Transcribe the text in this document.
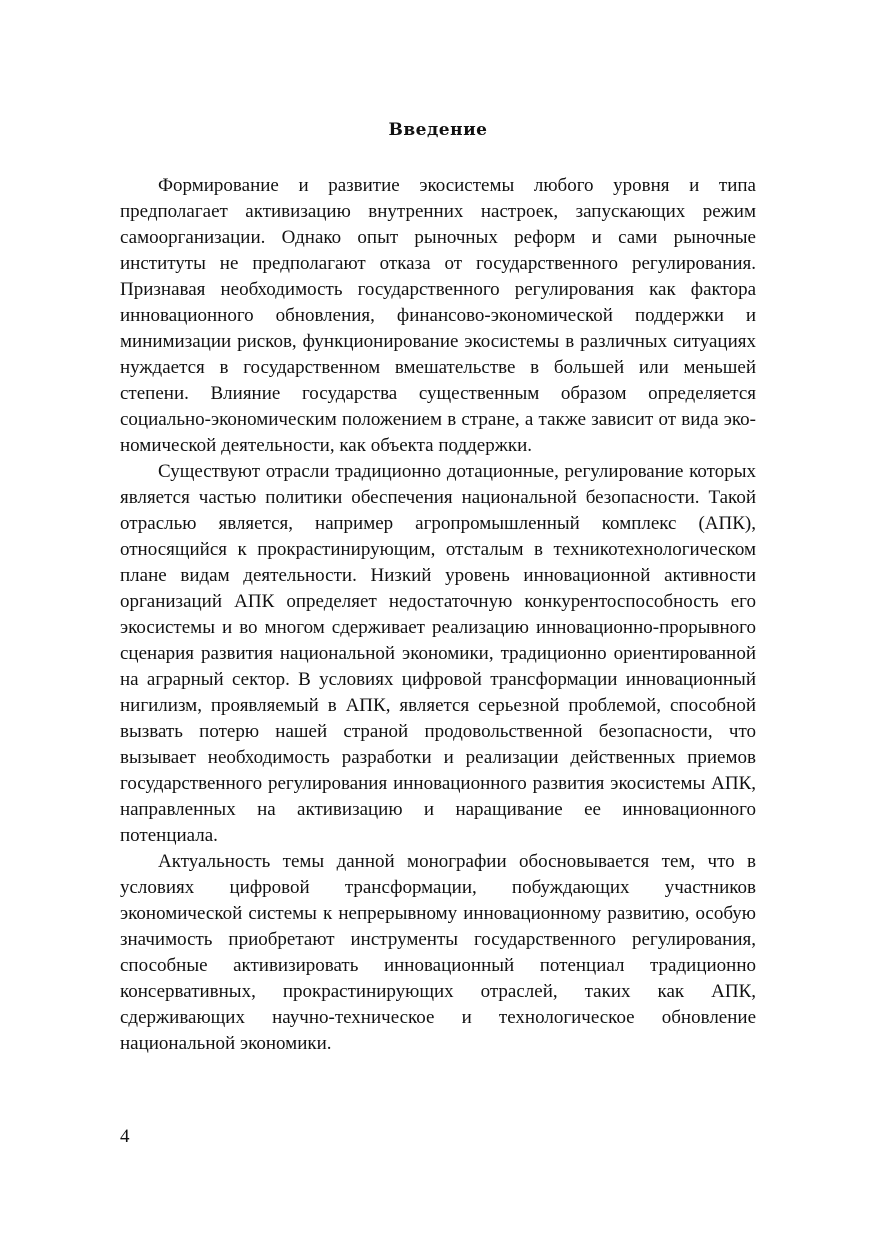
Введение

Формирование и развитие экосистемы любого уровня и типа предполагает активизацию внутренних настроек, запускающих режим самоорганизации. Однако опыт рыночных реформ и сами рыночные институты не предполагают отказа от государственного регулирования. Признавая необходимость государственного регулирования как фактора инновационного обновления, финансово-экономической поддержки и минимизации рисков, функционирование экосистемы в различных ситуациях нуждается в государственном вмешательстве в большей или меньшей степени. Влияние государства существенным образом определяется социально-экономическим положением в стране, а также зависит от вида экономической деятельности, как объекта поддержки.

Существуют отрасли традиционно дотационные, регулирование которых является частью политики обеспечения национальной безопасности. Такой отраслью является, например агропромышленный комплекс (АПК), относящийся к прокрастинирующим, отсталым в техникотехнологическом плане видам деятельности. Низкий уровень инновационной активности организаций АПК определяет недостаточную конкурентоспособность его экосистемы и во многом сдерживает реализацию инновационно-прорывного сценария развития национальной экономики, традиционно ориентированной на аграрный сектор. В условиях цифровой трансформации инновационный нигилизм, проявляемый в АПК, является серьезной проблемой, способной вызвать потерю нашей страной продовольственной безопасности, что вызывает необходимость разработки и реализации действенных приемов государственного регулирования инновационного развития экосистемы АПК, направленных на активизацию и наращивание ее инновационного потенциала.

Актуальность темы данной монографии обосновывается тем, что в условиях цифровой трансформации, побуждающих участников экономической системы к непрерывному инновационному развитию, особую значимость приобретают инструменты государственного регулирования, способные активизировать инновационный потенциал традиционно консервативных, прокрастинирующих отраслей, таких как АПК, сдерживающих научно-техническое и технологическое обновление национальной экономики.

4
